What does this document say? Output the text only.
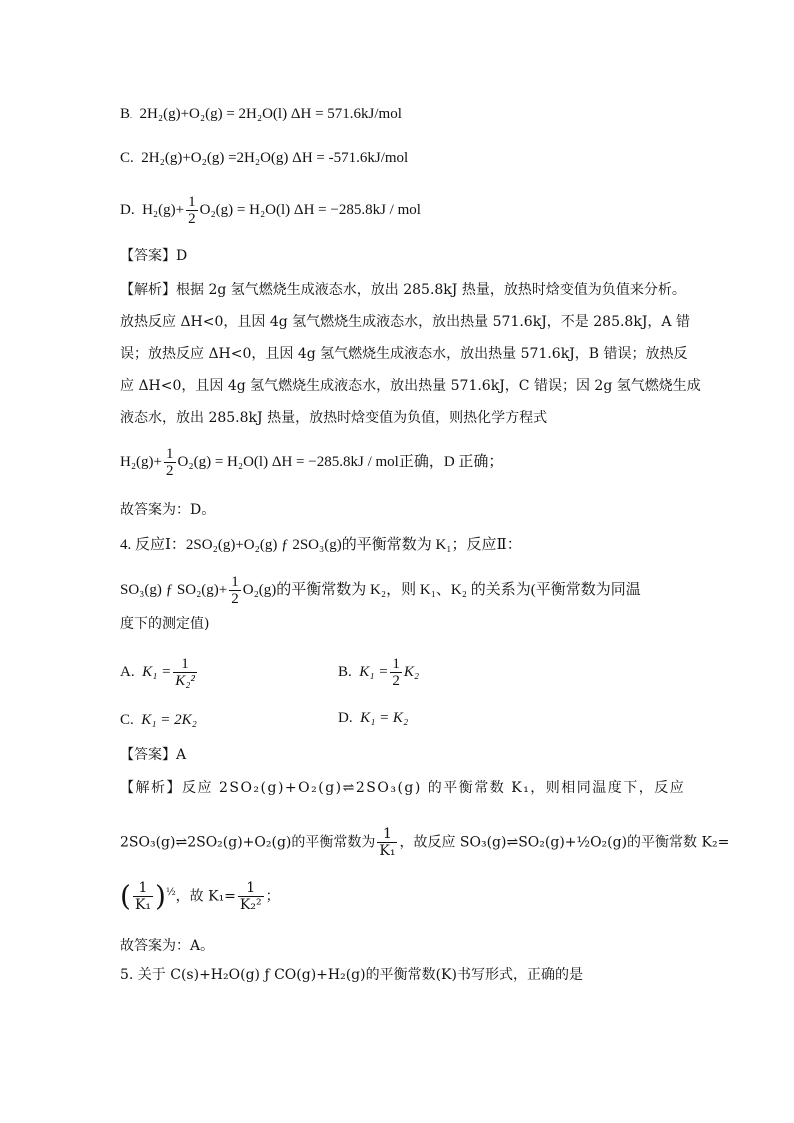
B. 2H₂(g)+O₂(g) = 2H₂O(l) ΔH = 571.6kJ/mol
C. 2H₂(g)+O₂(g) =2H₂O(g) ΔH = -571.6kJ/mol
D. $H_2(g)+ \frac{1}{2} O_2(g) = H_2O(l) \Delta H = -285.8kJ$ / mol
【答案】D
【解析】根据 2g 氢气燃烧生成液态水，放出 285.8kJ 热量，放热时焓变值为负值来分析。
放热反应 ΔH<0，且因 4g 氢气燃烧生成液态水，放出热量 571.6kJ，不是 285.8kJ，A 错
误；放热反应 ΔH<0，且因 4g 氢气燃烧生成液态水，放出热量 571.6kJ，B 错误；放热反
应 ΔH<0，且因 4g 氢气燃烧生成液态水，放出热量 571.6kJ，C 错误；因 2g 氢气燃烧生成
液态水，放出 285.8kJ 热量，放热时焓变值为负值，则热化学方程式
$H_2(g)+ \frac{1}{2} O_2(g) = H_2O(l) \Delta H = -285.8kJ$ / mol正确，D 正确；
故答案为：D。
4. 反应Ⅰ：2SO₂(g)+O₂(g) ƒ 2SO₃(g)的平衡常数为 K₁；反应Ⅱ：
SO₃(g) ƒ $SO_2(g)+ \frac{1}{2} O_2(g)$的平衡常数为 K₂，则 K₁、K₂ 的关系为(平衡常数为同温
度下的测定值)
A. $K_1 = \frac{1}{\text{K₂²}}$	B. $K_1 = \frac{1}{2} K_2$
C. K₁ = 2K₂	D. K₁ = K₂
【答案】A
【解析】反应 2SO₂(g)+O₂(g)⇌2SO₃(g) 的平衡常数 K₁，则相同温度下，反应
2SO₃(g)⇌2SO₂(g)+O₂(g)的平衡常数为 $\frac{1}{\text{K₁}}$ ，故反应 SO₃(g)⇌SO₂(g)+½O₂(g)的平衡常数 K₂=
( $\frac{1}{\text{K₁}} )^{\frac{1}{2}}$，故 $K_1= \frac{1}{\text{K₂²}}$ ；
故答案为：A。
5. 关于 C(s)+H₂O(g) ƒ CO(g)+H₂(g)的平衡常数(K)书写形式，正确的是
